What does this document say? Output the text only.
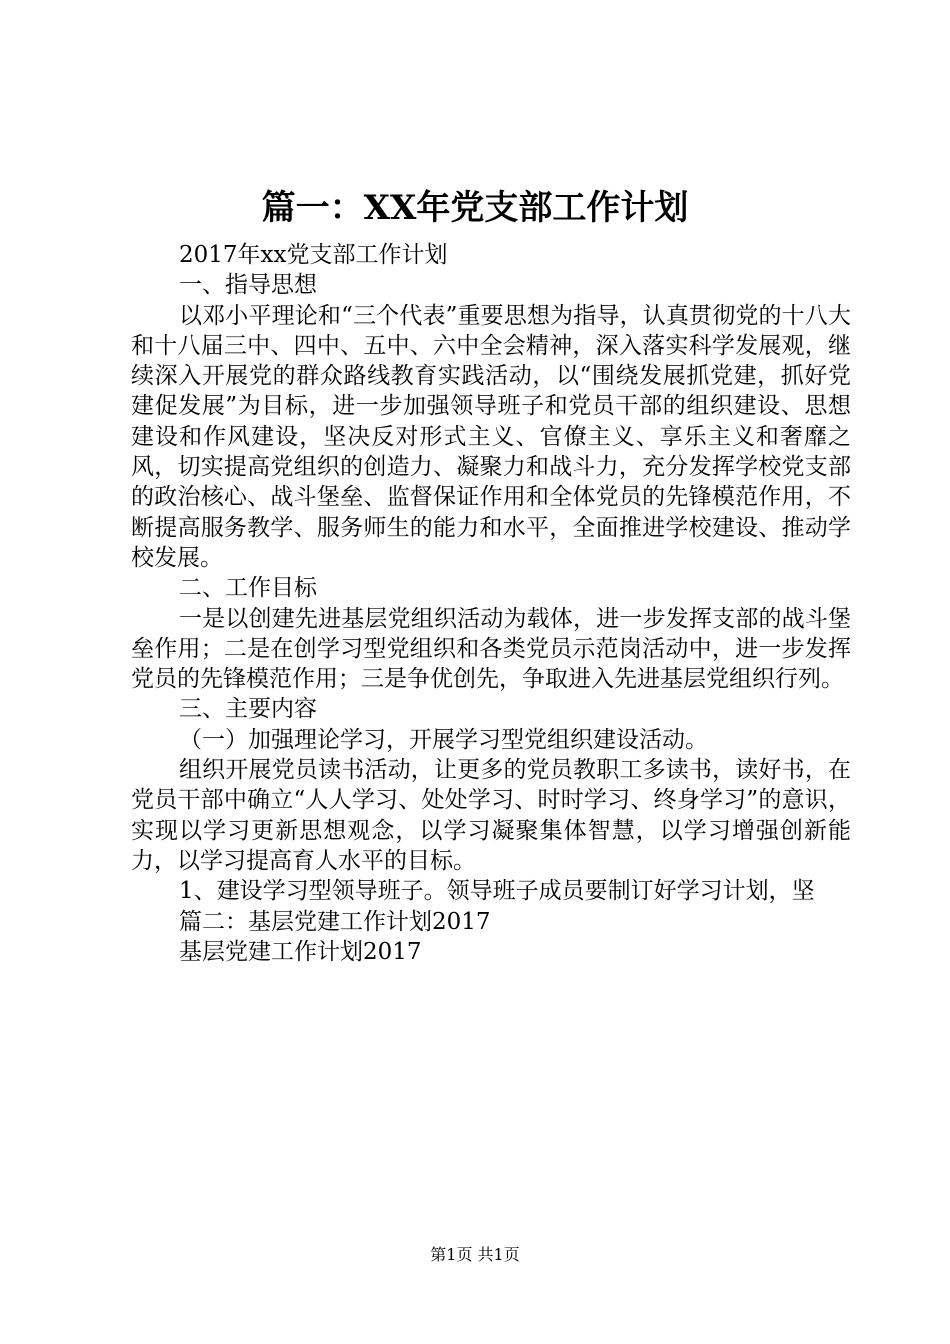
篇一：XX年党支部工作计划

2017年xx党支部工作计划

一、指导思想

以邓小平理论和“三个代表”重要思想为指导，认真贯彻党的十八大和十八届三中、四中、五中、六中全会精神，深入落实科学发展观，继续深入开展党的群众路线教育实践活动，以“围绕发展抓党建，抓好党建促发展”为目标，进一步加强领导班子和党员干部的组织建设、思想建设和作风建设，坚决反对形式主义、官僚主义、享乐主义和奢靡之风，切实提高党组织的创造力、凝聚力和战斗力，充分发挥学校党支部的政治核心、战斗堡垒、监督保证作用和全体党员的先锋模范作用，不断提高服务教学、服务师生的能力和水平，全面推进学校建设、推动学校发展。

二、工作目标

一是以创建先进基层党组织活动为载体，进一步发挥支部的战斗堡垒作用；二是在创学习型党组织和各类党员示范岗活动中，进一步发挥党员的先锋模范作用；三是争优创先，争取进入先进基层党组织行列。

三、主要内容

（一）加强理论学习，开展学习型党组织建设活动。

组织开展党员读书活动，让更多的党员教职工多读书，读好书，在党员干部中确立“人人学习、处处学习、时时学习、终身学习”的意识，实现以学习更新思想观念，以学习凝聚集体智慧，以学习增强创新能力，以学习提高育人水平的目标。

1、建设学习型领导班子。领导班子成员要制订好学习计划，坚

篇二：基层党建工作计划2017

基层党建工作计划2017

第1页 共1页
